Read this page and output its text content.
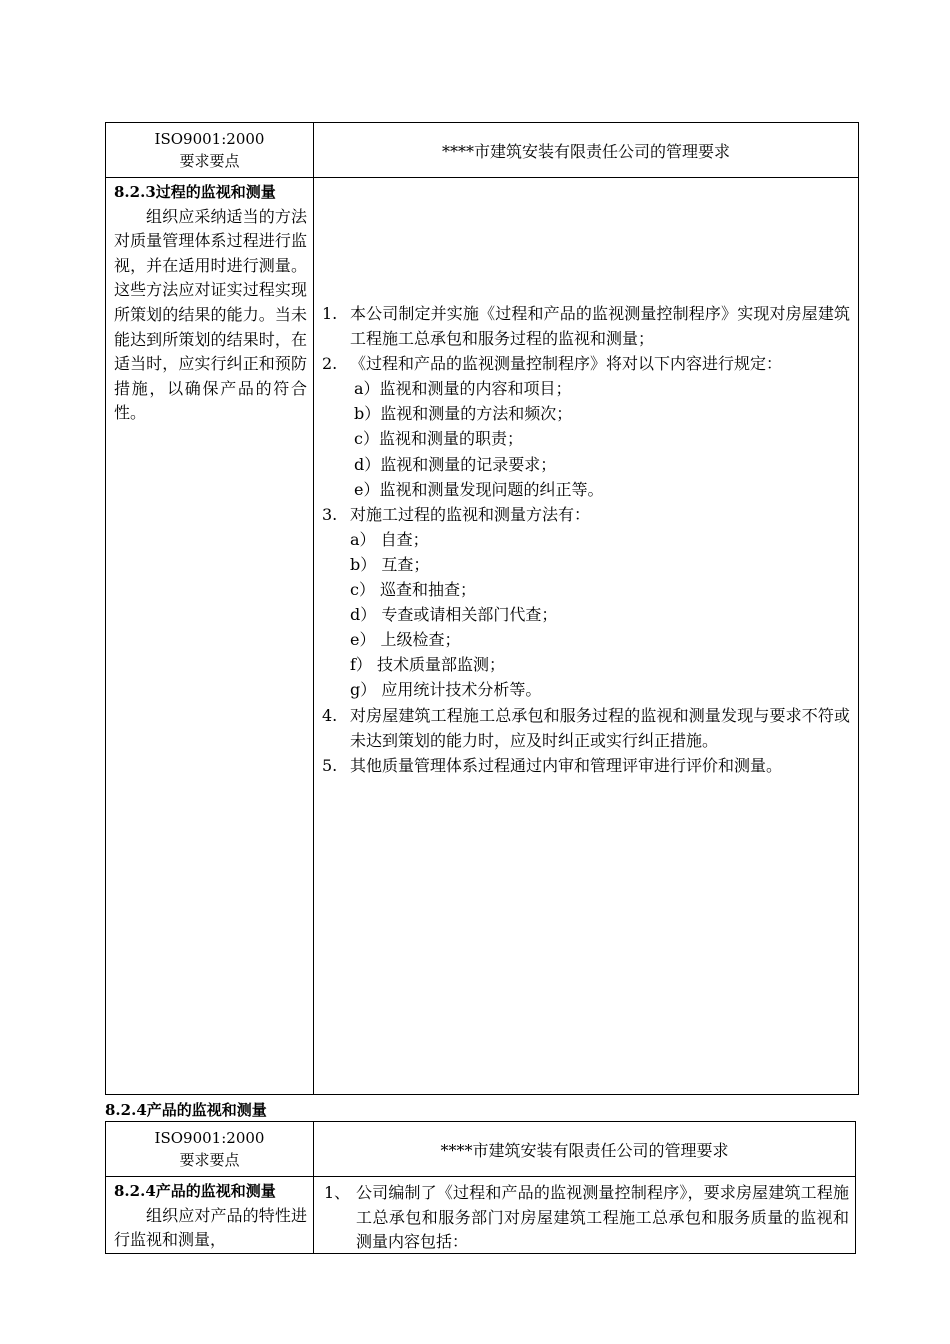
ISO9001:2000
要求要点
****市建筑安装有限责任公司的管理要求
8.2.3过程的监视和测量
组织应采纳适当的方法对质量管理体系过程进行监视，并在适用时进行测量。这些方法应对证实过程实现所策划的结果的能力。当未能达到所策划的结果时，在适当时，应实行纠正和预防措施，以确保产品的符合性。
1. 本公司制定并实施《过程和产品的监视测量控制程序》实现对房屋建筑工程施工总承包和服务过程的监视和测量；
2. 《过程和产品的监视测量控制程序》将对以下内容进行规定：
a）监视和测量的内容和项目；
b）监视和测量的方法和频次；
c）监视和测量的职责；
d）监视和测量的记录要求；
e）监视和测量发现问题的纠正等。
3. 对施工过程的监视和测量方法有：
a） 自查；
b） 互查；
c） 巡查和抽查；
d） 专查或请相关部门代查；
e） 上级检查；
f） 技术质量部监测；
g） 应用统计技术分析等。
4. 对房屋建筑工程施工总承包和服务过程的监视和测量发现与要求不符或未达到策划的能力时，应及时纠正或实行纠正措施。
5. 其他质量管理体系过程通过内审和管理评审进行评价和测量。
8.2.4产品的监视和测量
ISO9001:2000
要求要点
****市建筑安装有限责任公司的管理要求
8.2.4产品的监视和测量
组织应对产品的特性进行监视和测量，
1、 公司编制了《过程和产品的监视测量控制程序》，要求房屋建筑工程施工总承包和服务部门对房屋建筑工程施工总承包和服务质量的监视和测量内容包括：
